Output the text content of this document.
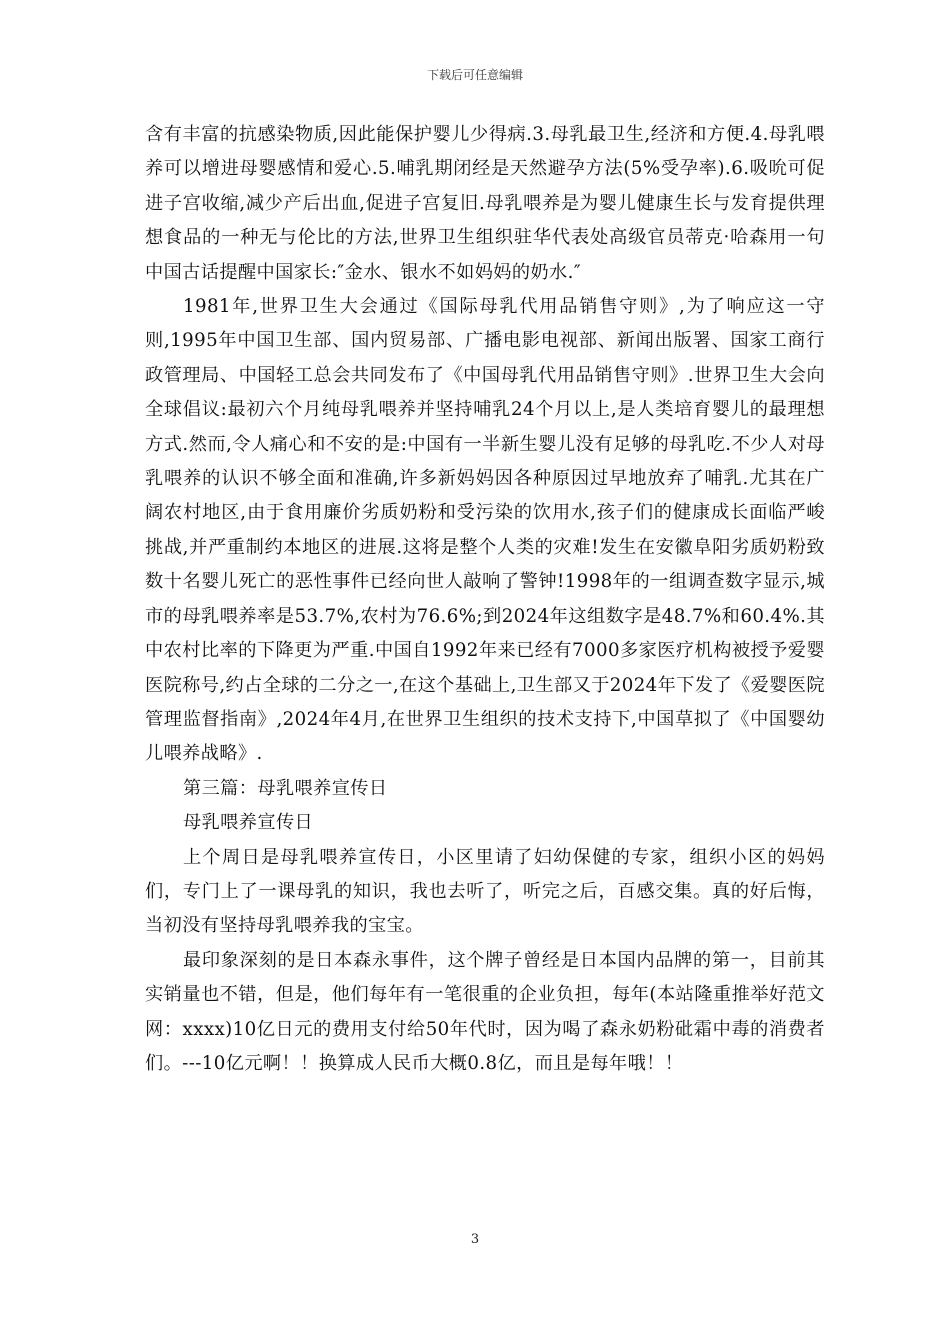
下载后可任意编辑

含有丰富的抗感染物质,因此能保护婴儿少得病.3.母乳最卫生,经济和方便.4.母乳喂养可以增进母婴感情和爱心.5.哺乳期闭经是天然避孕方法(5%受孕率).6.吸吮可促进子宫收缩,减少产后出血,促进子宫复旧.母乳喂养是为婴儿健康生长与发育提供理想食品的一种无与伦比的方法,世界卫生组织驻华代表处高级官员蒂克·哈森用一句中国古话提醒中国家长:″金水、银水不如妈妈的奶水.″

1981年,世界卫生大会通过《国际母乳代用品销售守则》,为了响应这一守则,1995年中国卫生部、国内贸易部、广播电影电视部、新闻出版署、国家工商行政管理局、中国轻工总会共同发布了《中国母乳代用品销售守则》.世界卫生大会向全球倡议:最初六个月纯母乳喂养并坚持哺乳24个月以上,是人类培育婴儿的最理想方式.然而,令人痛心和不安的是:中国有一半新生婴儿没有足够的母乳吃.不少人对母乳喂养的认识不够全面和准确,许多新妈妈因各种原因过早地放弃了哺乳.尤其在广阔农村地区,由于食用廉价劣质奶粉和受污染的饮用水,孩子们的健康成长面临严峻挑战,并严重制约本地区的进展.这将是整个人类的灾难!发生在安徽阜阳劣质奶粉致数十名婴儿死亡的恶性事件已经向世人敲响了警钟!1998年的一组调查数字显示,城市的母乳喂养率是53.7%,农村为76.6%;到2024年这组数字是48.7%和60.4%.其中农村比率的下降更为严重.中国自1992年来已经有7000多家医疗机构被授予爱婴医院称号,约占全球的二分之一,在这个基础上,卫生部又于2024年下发了《爱婴医院管理监督指南》,2024年4月,在世界卫生组织的技术支持下,中国草拟了《中国婴幼儿喂养战略》.

第三篇：母乳喂养宣传日

母乳喂养宣传日

上个周日是母乳喂养宣传日，小区里请了妇幼保健的专家，组织小区的妈妈们，专门上了一课母乳的知识，我也去听了，听完之后，百感交集。真的好后悔，当初没有坚持母乳喂养我的宝宝。

最印象深刻的是日本森永事件，这个牌子曾经是日本国内品牌的第一，目前其实销量也不错，但是，他们每年有一笔很重的企业负担，每年(本站隆重推举好范文网：xxxx)10亿日元的费用支付给50年代时，因为喝了森永奶粉砒霜中毒的消费者们。---10亿元啊！！换算成人民币大概0.8亿，而且是每年哦！！

3
